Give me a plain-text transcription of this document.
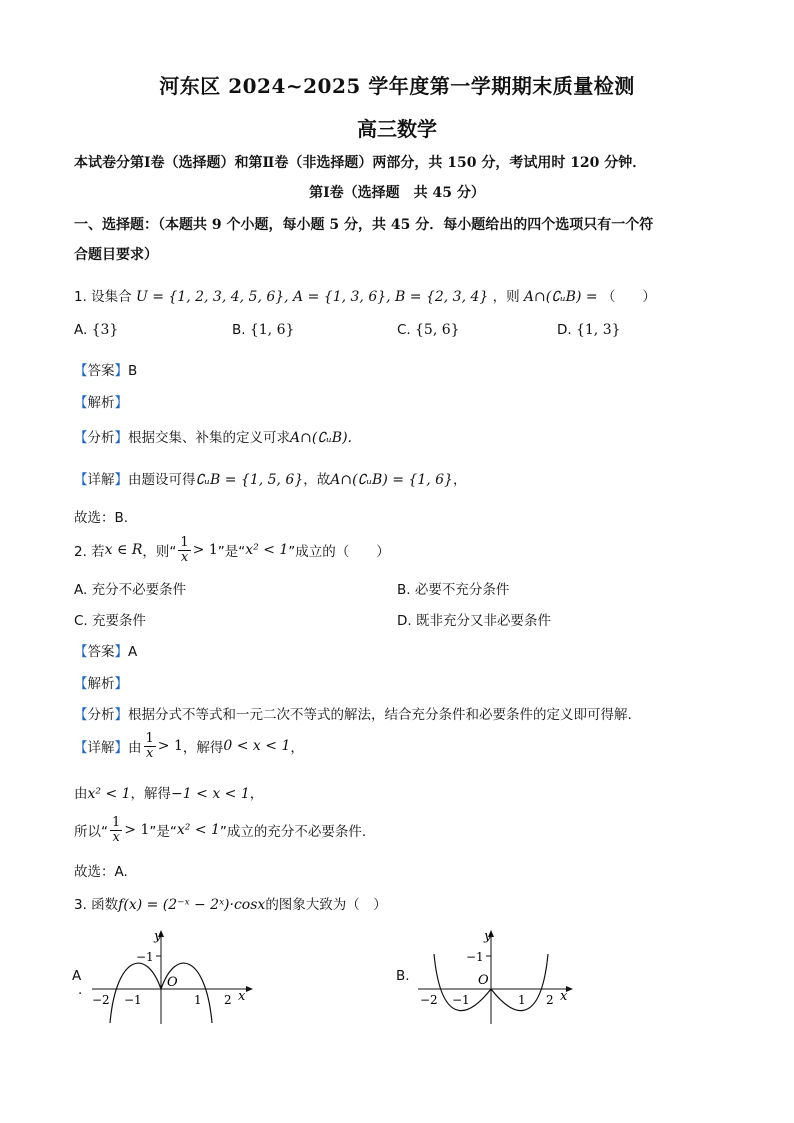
河东区 2024~2025 学年度第一学期期末质量检测
高三数学
本试卷分第Ⅰ卷（选择题）和第Ⅱ卷（非选择题）两部分，共 150 分，考试用时 120 分钟．
第Ⅰ卷（选择题　共 45 分）
一、选择题：（本题共 9 个小题，每小题 5 分，共 45 分．每小题给出的四个选项只有一个符
合题目要求）
1. 设集合 U = {1, 2, 3, 4, 5, 6}, A = {1, 3, 6}, B = {2, 3, 4} ，则 A∩(∁ᵤB) = （　　）
A. {3}	B. {1, 6}	C. {5, 6}	D. {1, 3}
【答案】B
【解析】
【分析】根据交集、补集的定义可求A∩(∁ᵤB).
【详解】由题设可得∁ᵤB = {1, 5, 6}，故A∩(∁ᵤB) = {1, 6}，
故选：B.
2. 若 x ∈ R ，则“ $\frac{1}{x} > 1$ ”是“ x² < 1 ”成立的（　　）
A. 充分不必要条件	B. 必要不充分条件
C. 充要条件	D. 既非充分又非必要条件
【答案】A
【解析】
【分析】根据分式不等式和一元二次不等式的解法，结合充分条件和必要条件的定义即可得解.
【 详解 】 由 $\frac{1}{x} > 1$ ，解得 0 < x < 1 ，
由x² < 1，解得−1 < x < 1，
所以“ $\frac{1}{x} > 1$ ”是“ x² < 1 ”成立的充分不必要条件.
故选：A.
3. 函数f(x) = (2⁻ˣ − 2ˣ)·cosx的图象大致为（　）
A
.
y
x
O
−1
−2 −1	1 2
B.
y
x
O
−1
−2 −1	1 2
